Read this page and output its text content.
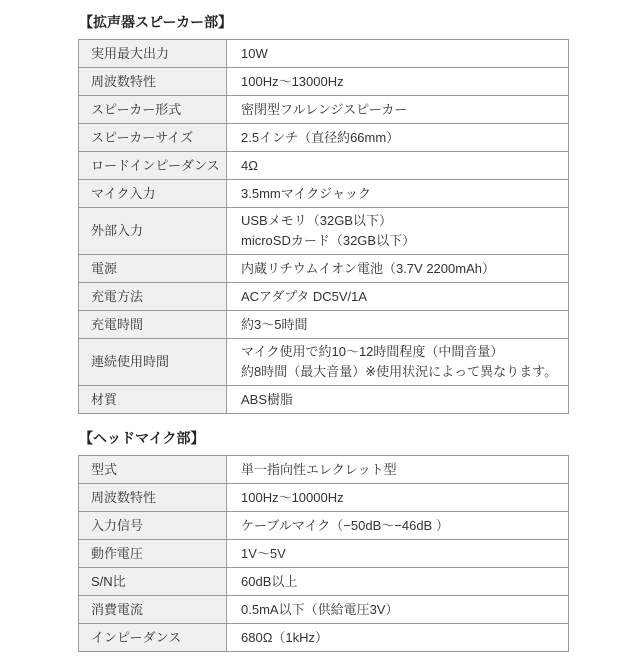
【拡声器スピーカー部】
実用最大出力	10W
周波数特性	100Hz～13000Hz
スピーカー形式	密閉型フルレンジスピーカー
スピーカーサイズ	2.5インチ（直径約66mm）
ロードインピーダンス	4Ω
マイク入力	3.5mmマイクジャック
外部入力	USBメモリ（32GB以下）
microSDカード（32GB以下）
電源	内蔵リチウムイオン電池（3.7V 2200mAh）
充電方法	ACアダプタ DC5V/1A
充電時間	約3～5時間
連続使用時間	マイク使用で約10～12時間程度（中間音量）
約8時間（最大音量）※使用状況によって異なります。
材質	ABS樹脂
【ヘッドマイク部】
型式	単一指向性エレクレット型
周波数特性	100Hz～10000Hz
入力信号	ケーブルマイク（−50dB～−46dB ）
動作電圧	1V～5V
S/N比	60dB以上
消費電流	0.5mA以下（供給電圧3V）
インピーダンス	680Ω（1kHz）
